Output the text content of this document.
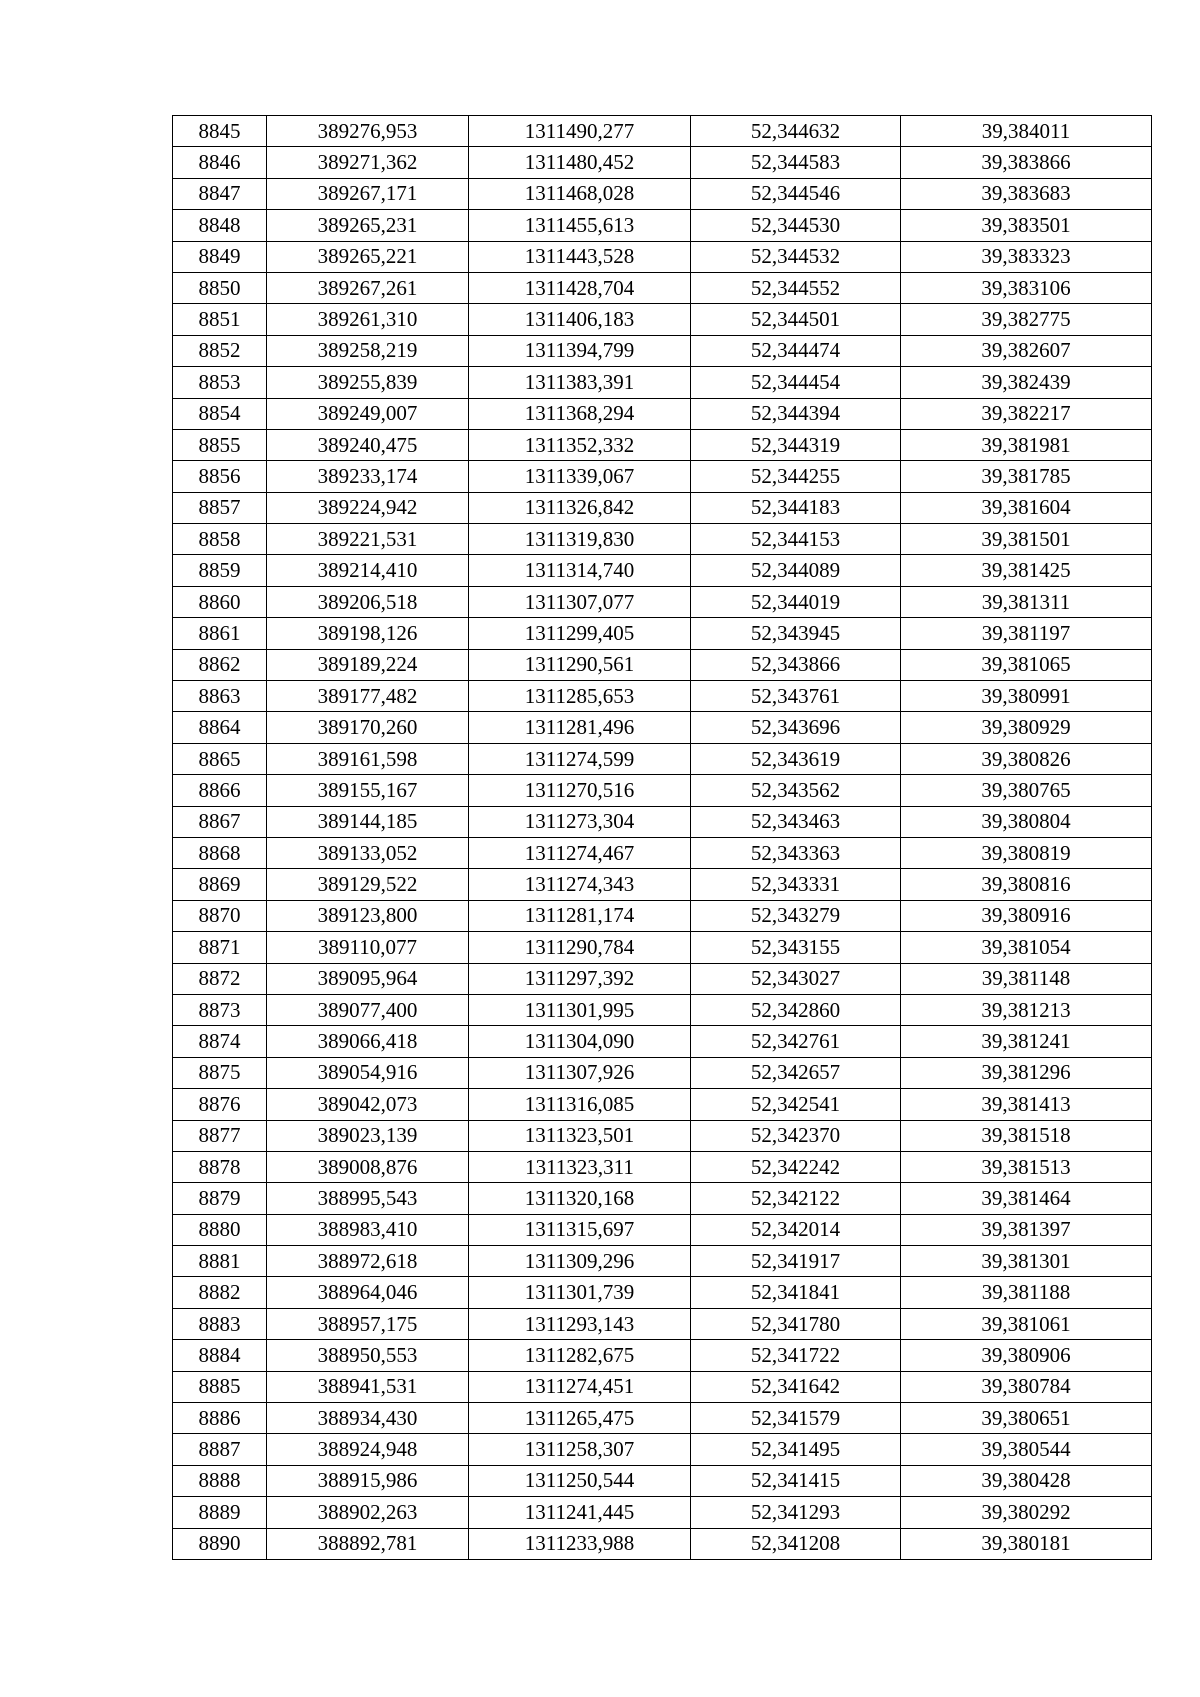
8845	389276,953	1311490,277	52,344632	39,384011
8846	389271,362	1311480,452	52,344583	39,383866
8847	389267,171	1311468,028	52,344546	39,383683
8848	389265,231	1311455,613	52,344530	39,383501
8849	389265,221	1311443,528	52,344532	39,383323
8850	389267,261	1311428,704	52,344552	39,383106
8851	389261,310	1311406,183	52,344501	39,382775
8852	389258,219	1311394,799	52,344474	39,382607
8853	389255,839	1311383,391	52,344454	39,382439
8854	389249,007	1311368,294	52,344394	39,382217
8855	389240,475	1311352,332	52,344319	39,381981
8856	389233,174	1311339,067	52,344255	39,381785
8857	389224,942	1311326,842	52,344183	39,381604
8858	389221,531	1311319,830	52,344153	39,381501
8859	389214,410	1311314,740	52,344089	39,381425
8860	389206,518	1311307,077	52,344019	39,381311
8861	389198,126	1311299,405	52,343945	39,381197
8862	389189,224	1311290,561	52,343866	39,381065
8863	389177,482	1311285,653	52,343761	39,380991
8864	389170,260	1311281,496	52,343696	39,380929
8865	389161,598	1311274,599	52,343619	39,380826
8866	389155,167	1311270,516	52,343562	39,380765
8867	389144,185	1311273,304	52,343463	39,380804
8868	389133,052	1311274,467	52,343363	39,380819
8869	389129,522	1311274,343	52,343331	39,380816
8870	389123,800	1311281,174	52,343279	39,380916
8871	389110,077	1311290,784	52,343155	39,381054
8872	389095,964	1311297,392	52,343027	39,381148
8873	389077,400	1311301,995	52,342860	39,381213
8874	389066,418	1311304,090	52,342761	39,381241
8875	389054,916	1311307,926	52,342657	39,381296
8876	389042,073	1311316,085	52,342541	39,381413
8877	389023,139	1311323,501	52,342370	39,381518
8878	389008,876	1311323,311	52,342242	39,381513
8879	388995,543	1311320,168	52,342122	39,381464
8880	388983,410	1311315,697	52,342014	39,381397
8881	388972,618	1311309,296	52,341917	39,381301
8882	388964,046	1311301,739	52,341841	39,381188
8883	388957,175	1311293,143	52,341780	39,381061
8884	388950,553	1311282,675	52,341722	39,380906
8885	388941,531	1311274,451	52,341642	39,380784
8886	388934,430	1311265,475	52,341579	39,380651
8887	388924,948	1311258,307	52,341495	39,380544
8888	388915,986	1311250,544	52,341415	39,380428
8889	388902,263	1311241,445	52,341293	39,380292
8890	388892,781	1311233,988	52,341208	39,380181
